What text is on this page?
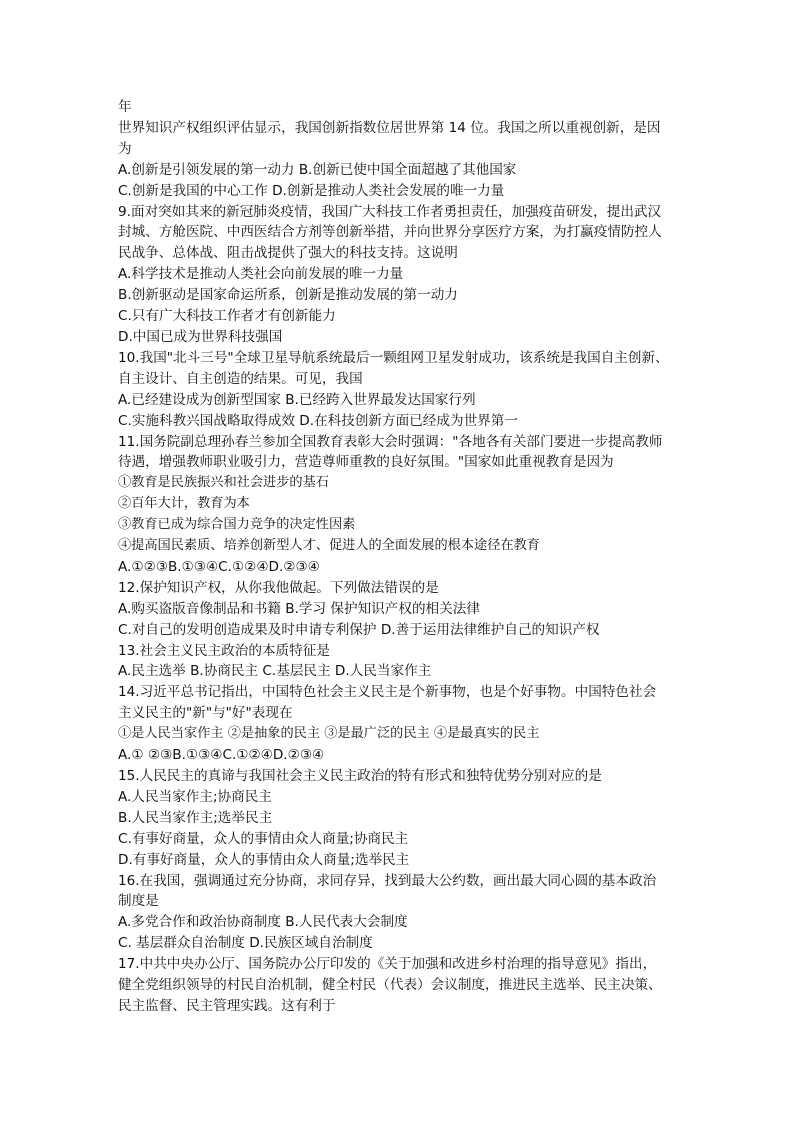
年
世界知识产权组织评估显示，我国创新指数位居世界第 14 位。我国之所以重视创新，是因
为
A.创新是引领发展的第一动力 B.创新已使中国全面超越了其他国家
C.创新是我国的中心工作 D.创新是推动人类社会发展的唯一力量
9.面对突如其来的新冠肺炎疫情，我国广大科技工作者勇担责任，加强疫苗研发，提出武汉
封城、方舱医院、中西医结合方剂等创新举措，并向世界分享医疗方案，为打赢疫情防控人
民战争、总体战、阻击战提供了强大的科技支持。这说明
A.科学技术是推动人类社会向前发展的唯一力量
B.创新驱动是国家命运所系，创新是推动发展的第一动力
C.只有广大科技工作者才有创新能力
D.中国已成为世界科技强国
10.我国"北斗三号"全球卫星导航系统最后一颗组网卫星发射成功，该系统是我国自主创新、
自主设计、自主创造的结果。可见，我国
A.已经建设成为创新型国家 B.已经跨入世界最发达国家行列
C.实施科教兴国战略取得成效 D.在科技创新方面已经成为世界第一
11.国务院副总理孙春兰参加全国教育表彰大会时强调："各地各有关部门要进一步提高教师
待遇，增强教师职业吸引力，营造尊师重教的良好氛围。"国家如此重视教育是因为
①教育是民族振兴和社会进步的基石
②百年大计，教育为本
③教育已成为综合国力竞争的决定性因素
④提高国民素质、培养创新型人才、促进人的全面发展的根本途径在教育
A.①②③B.①③④C.①②④D.②③④
12.保护知识产权，从你我他做起。下列做法错误的是
A.购买盗版音像制品和书籍 B.学习 保护知识产权的相关法律
C.对自己的发明创造成果及时申请专利保护 D.善于运用法律维护自己的知识产权
13.社会主义民主政治的本质特征是
A.民主选举 B.协商民主 C.基层民主 D.人民当家作主
14.习近平总书记指出，中国特色社会主义民主是个新事物，也是个好事物。中国特色社会
主义民主的"新"与"好"表现在
①是人民当家作主 ②是抽象的民主 ③是最广泛的民主 ④是最真实的民主
A.① ②③B.①③④C.①②④D.②③④
15.人民民主的真谛与我国社会主义民主政治的特有形式和独特优势分别对应的是
A.人民当家作主;协商民主
B.人民当家作主;选举民主
C.有事好商量，众人的事情由众人商量;协商民主
D.有事好商量，众人的事情由众人商量;选举民主
16.在我国，强调通过充分协商，求同存异，找到最大公约数，画出最大同心圆的基本政治
制度是
A.多党合作和政治协商制度 B.人民代表大会制度
C. 基层群众自治制度 D.民族区域自治制度
17.中共中央办公厅、国务院办公厅印发的《关于加强和改进乡村治理的指导意见》指出，
健全党组织领导的村民自治机制，健全村民（代表）会议制度，推进民主选举、民主决策、
民主监督、民主管理实践。这有利于
